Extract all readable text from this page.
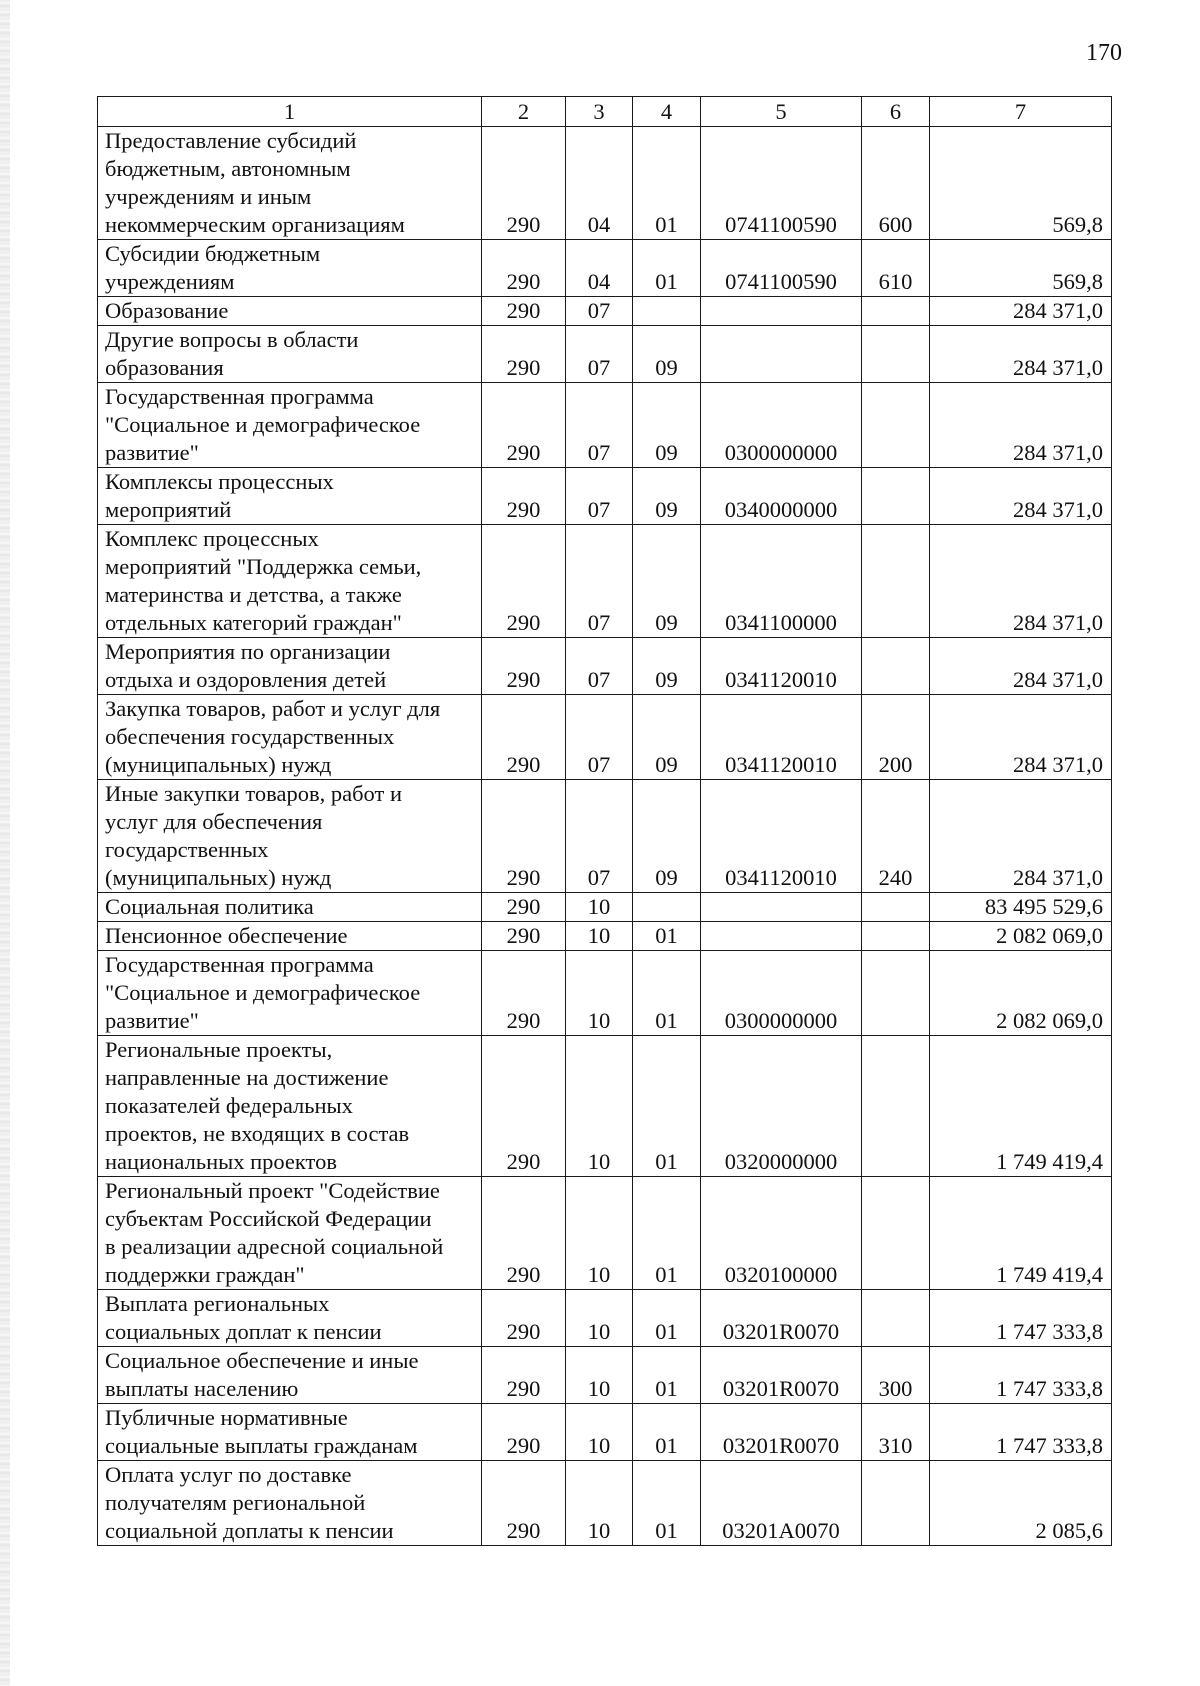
170
1	2	3	4	5	6	7

Предоставление субсидий
бюджетным, автономным
учреждениям и иным
некоммерческим организациям	290	04	01	0741100590	600	569,8

Субсидии бюджетным
учреждениям	290	04	01	0741100590	610	569,8

Образование	290	07				284 371,0

Другие вопросы в области
образования	290	07	09			284 371,0

Государственная программа
"Социальное и демографическое
развитие"	290	07	09	0300000000		284 371,0

Комплексы процессных
мероприятий	290	07	09	0340000000		284 371,0

Комплекс процессных
мероприятий "Поддержка семьи,
материнства и детства, а также
отдельных категорий граждан"	290	07	09	0341100000		284 371,0

Мероприятия по организации
отдыха и оздоровления детей	290	07	09	0341120010		284 371,0

Закупка товаров, работ и услуг для
обеспечения государственных
(муниципальных) нужд	290	07	09	0341120010	200	284 371,0

Иные закупки товаров, работ и
услуг для обеспечения
государственных
(муниципальных) нужд	290	07	09	0341120010	240	284 371,0

Социальная политика	290	10				83 495 529,6

Пенсионное обеспечение	290	10	01			2 082 069,0

Государственная программа
"Социальное и демографическое
развитие"	290	10	01	0300000000		2 082 069,0

Региональные проекты,
направленные на достижение
показателей федеральных
проектов, не входящих в состав
национальных проектов	290	10	01	0320000000		1 749 419,4

Региональный проект "Содействие
субъектам Российской Федерации
в реализации адресной социальной
поддержки граждан"	290	10	01	0320100000		1 749 419,4

Выплата региональных
социальных доплат к пенсии	290	10	01	03201R0070		1 747 333,8

Социальное обеспечение и иные
выплаты населению	290	10	01	03201R0070	300	1 747 333,8

Публичные нормативные
социальные выплаты гражданам	290	10	01	03201R0070	310	1 747 333,8

Оплата услуг по доставке
получателям региональной
социальной доплаты к пенсии	290	10	01	03201A0070		2 085,6
